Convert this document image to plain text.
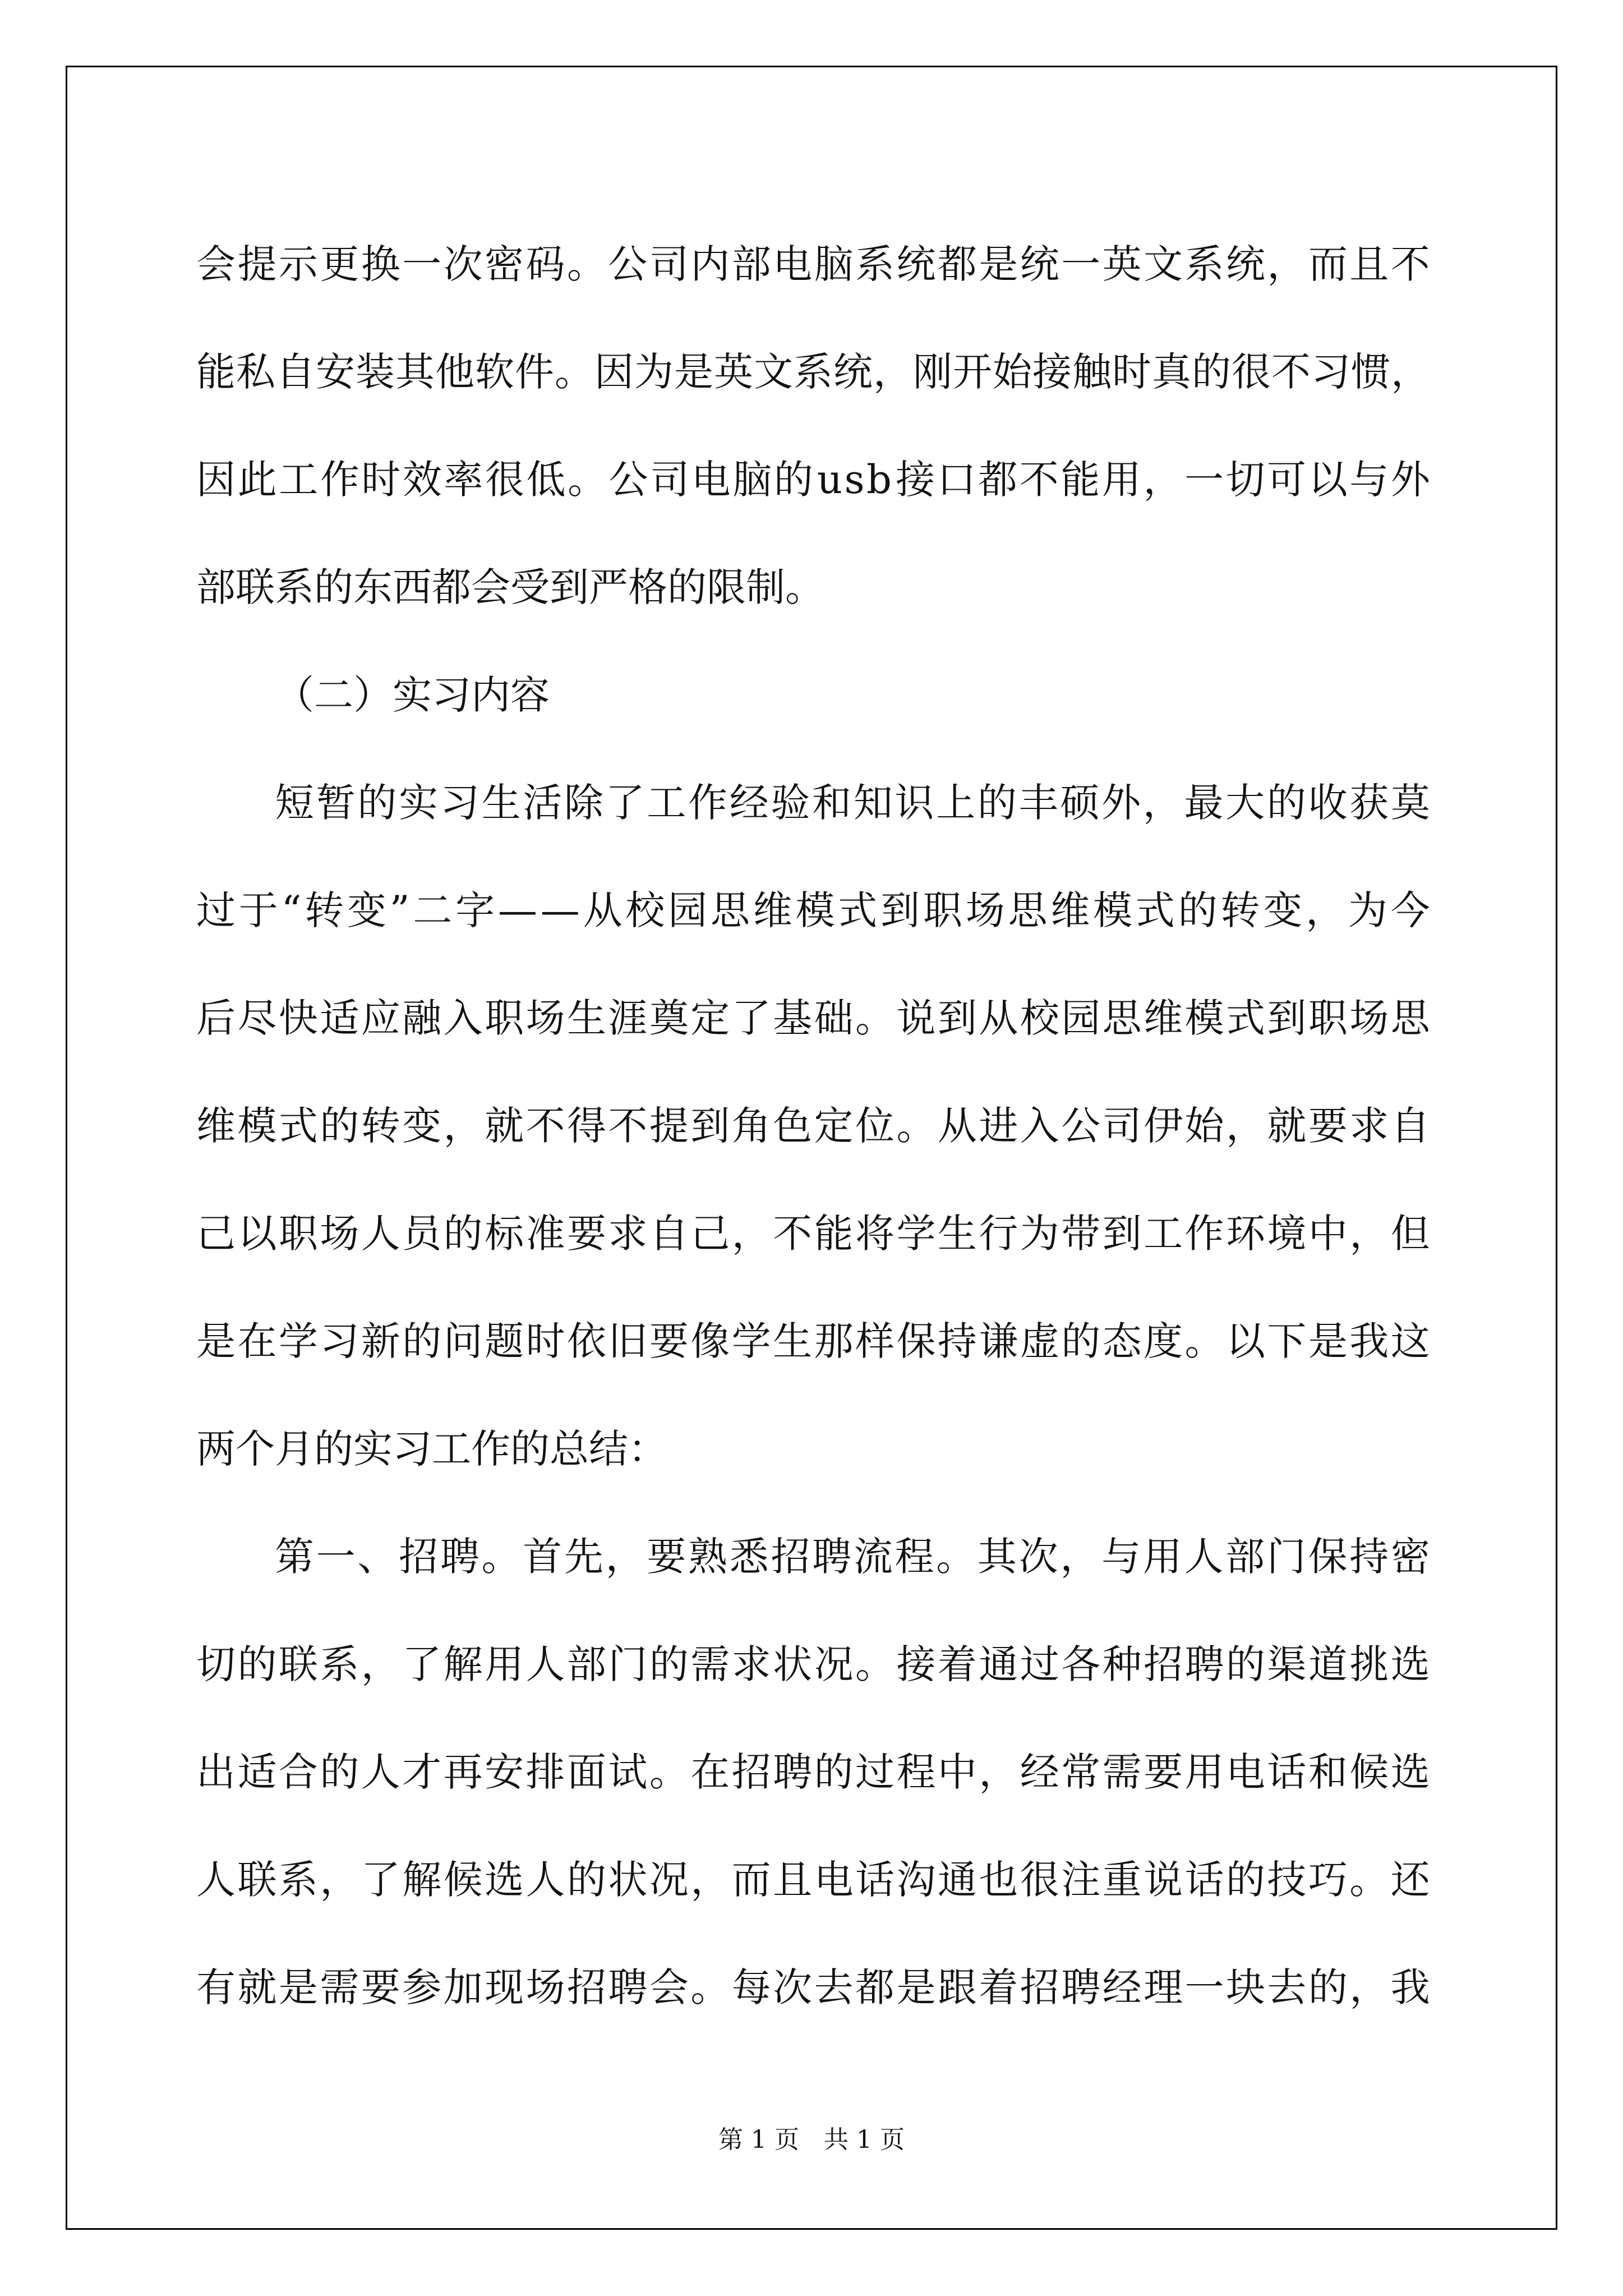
会 提 示 更 换 一 次 密 码 。 公 司 内 部 电 脑 系 统 都 是 统 一 英 文 系 统 ， 而 且 不
能 私 自 安 装 其 他 软 件 。 因 为 是 英 文 系 统 ， 刚 开 始 接 触 时 真 的 很 不 习 惯 ，
因 此 工 作 时 效 率 很 低 。 公 司 电 脑 的 u s b 接 口 都 不 能 用 ， 一 切 可 以 与 外
部联系的东西都会受到严格的限制。
（二）实习内容
短 暂 的 实 习 生 活 除 了 工 作 经 验 和 知 识 上 的 丰 硕 外 ， 最 大 的 收 获 莫
过 于 “ 转 变 ” 二 字 — — 从 校 园 思 维 模 式 到 职 场 思 维 模 式 的 转 变 ， 为 今
后 尽 快 适 应 融 入 职 场 生 涯 奠 定 了 基 础 。 说 到 从 校 园 思 维 模 式 到 职 场 思
维 模 式 的 转 变 ， 就 不 得 不 提 到 角 色 定 位 。 从 进 入 公 司 伊 始 ， 就 要 求 自
己 以 职 场 人 员 的 标 准 要 求 自 己 ， 不 能 将 学 生 行 为 带 到 工 作 环 境 中 ， 但
是 在 学 习 新 的 问 题 时 依 旧 要 像 学 生 那 样 保 持 谦 虚 的 态 度 。 以 下 是 我 这
两个月的实习工作的总结：
第 一 、 招 聘 。 首 先 ， 要 熟 悉 招 聘 流 程 。 其 次 ， 与 用 人 部 门 保 持 密
切 的 联 系 ， 了 解 用 人 部 门 的 需 求 状 况 。 接 着 通 过 各 种 招 聘 的 渠 道 挑 选
出 适 合 的 人 才 再 安 排 面 试 。 在 招 聘 的 过 程 中 ， 经 常 需 要 用 电 话 和 候 选
人 联 系 ， 了 解 候 选 人 的 状 况 ， 而 且 电 话 沟 通 也 很 注 重 说 话 的 技 巧 。 还
有 就 是 需 要 参 加 现 场 招 聘 会 。 每 次 去 都 是 跟 着 招 聘 经 理 一 块 去 的 ， 我
第 1 页　共 1 页
